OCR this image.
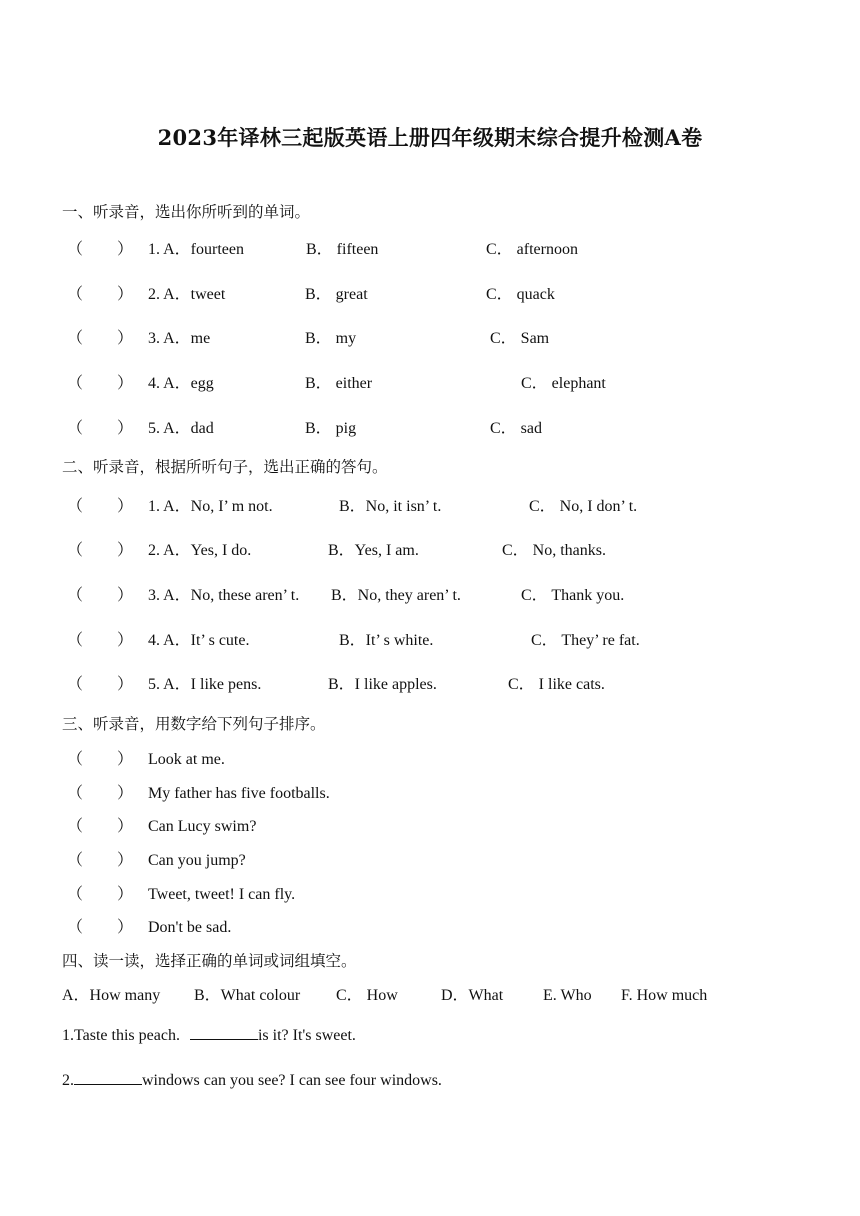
2023年译林三起版英语上册四年级期末综合提升检测A卷
一、听录音，选出你所听到的单词。
（ ） 1. A．fourteen	B． fifteen	C． afternoon
（ ） 2. A．tweet	B． great	C． quack
（ ） 3. A．me	B． my	C． Sam
（ ） 4. A．egg	B． either	C． elephant
（ ） 5. A．dad	B． pig	C． sad
二、听录音，根据所听句子，选出正确的答句。
（ ） 1. A．No, I’ m not.	B．No, it isn’ t.	C． No, I don’ t.
（ ） 2. A．Yes, I do.	B．Yes, I am.	C． No, thanks.
（ ） 3. A．No, these aren’ t. B．No, they aren’ t.	C． Thank you.
（ ） 4. A．It’ s cute.	B．It’ s white.	C． They’ re fat.
（ ） 5. A．I like pens.	B．I like apples.	C． I like cats.
三、听录音，用数字给下列句子排序。
（ ） Look at me.
（ ） My father has five footballs.
（ ） Can Lucy swim?
（ ） Can you jump?
（ ） Tweet, tweet! I can fly.
（ ） Don't be sad.
四、读一读，选择正确的单词或词组填空。
A．How many B．What colour C． How	D．What E. Who F. How much
1.Taste this peach.	is it? It's sweet.
2.	windows can you see? I can see four windows.
